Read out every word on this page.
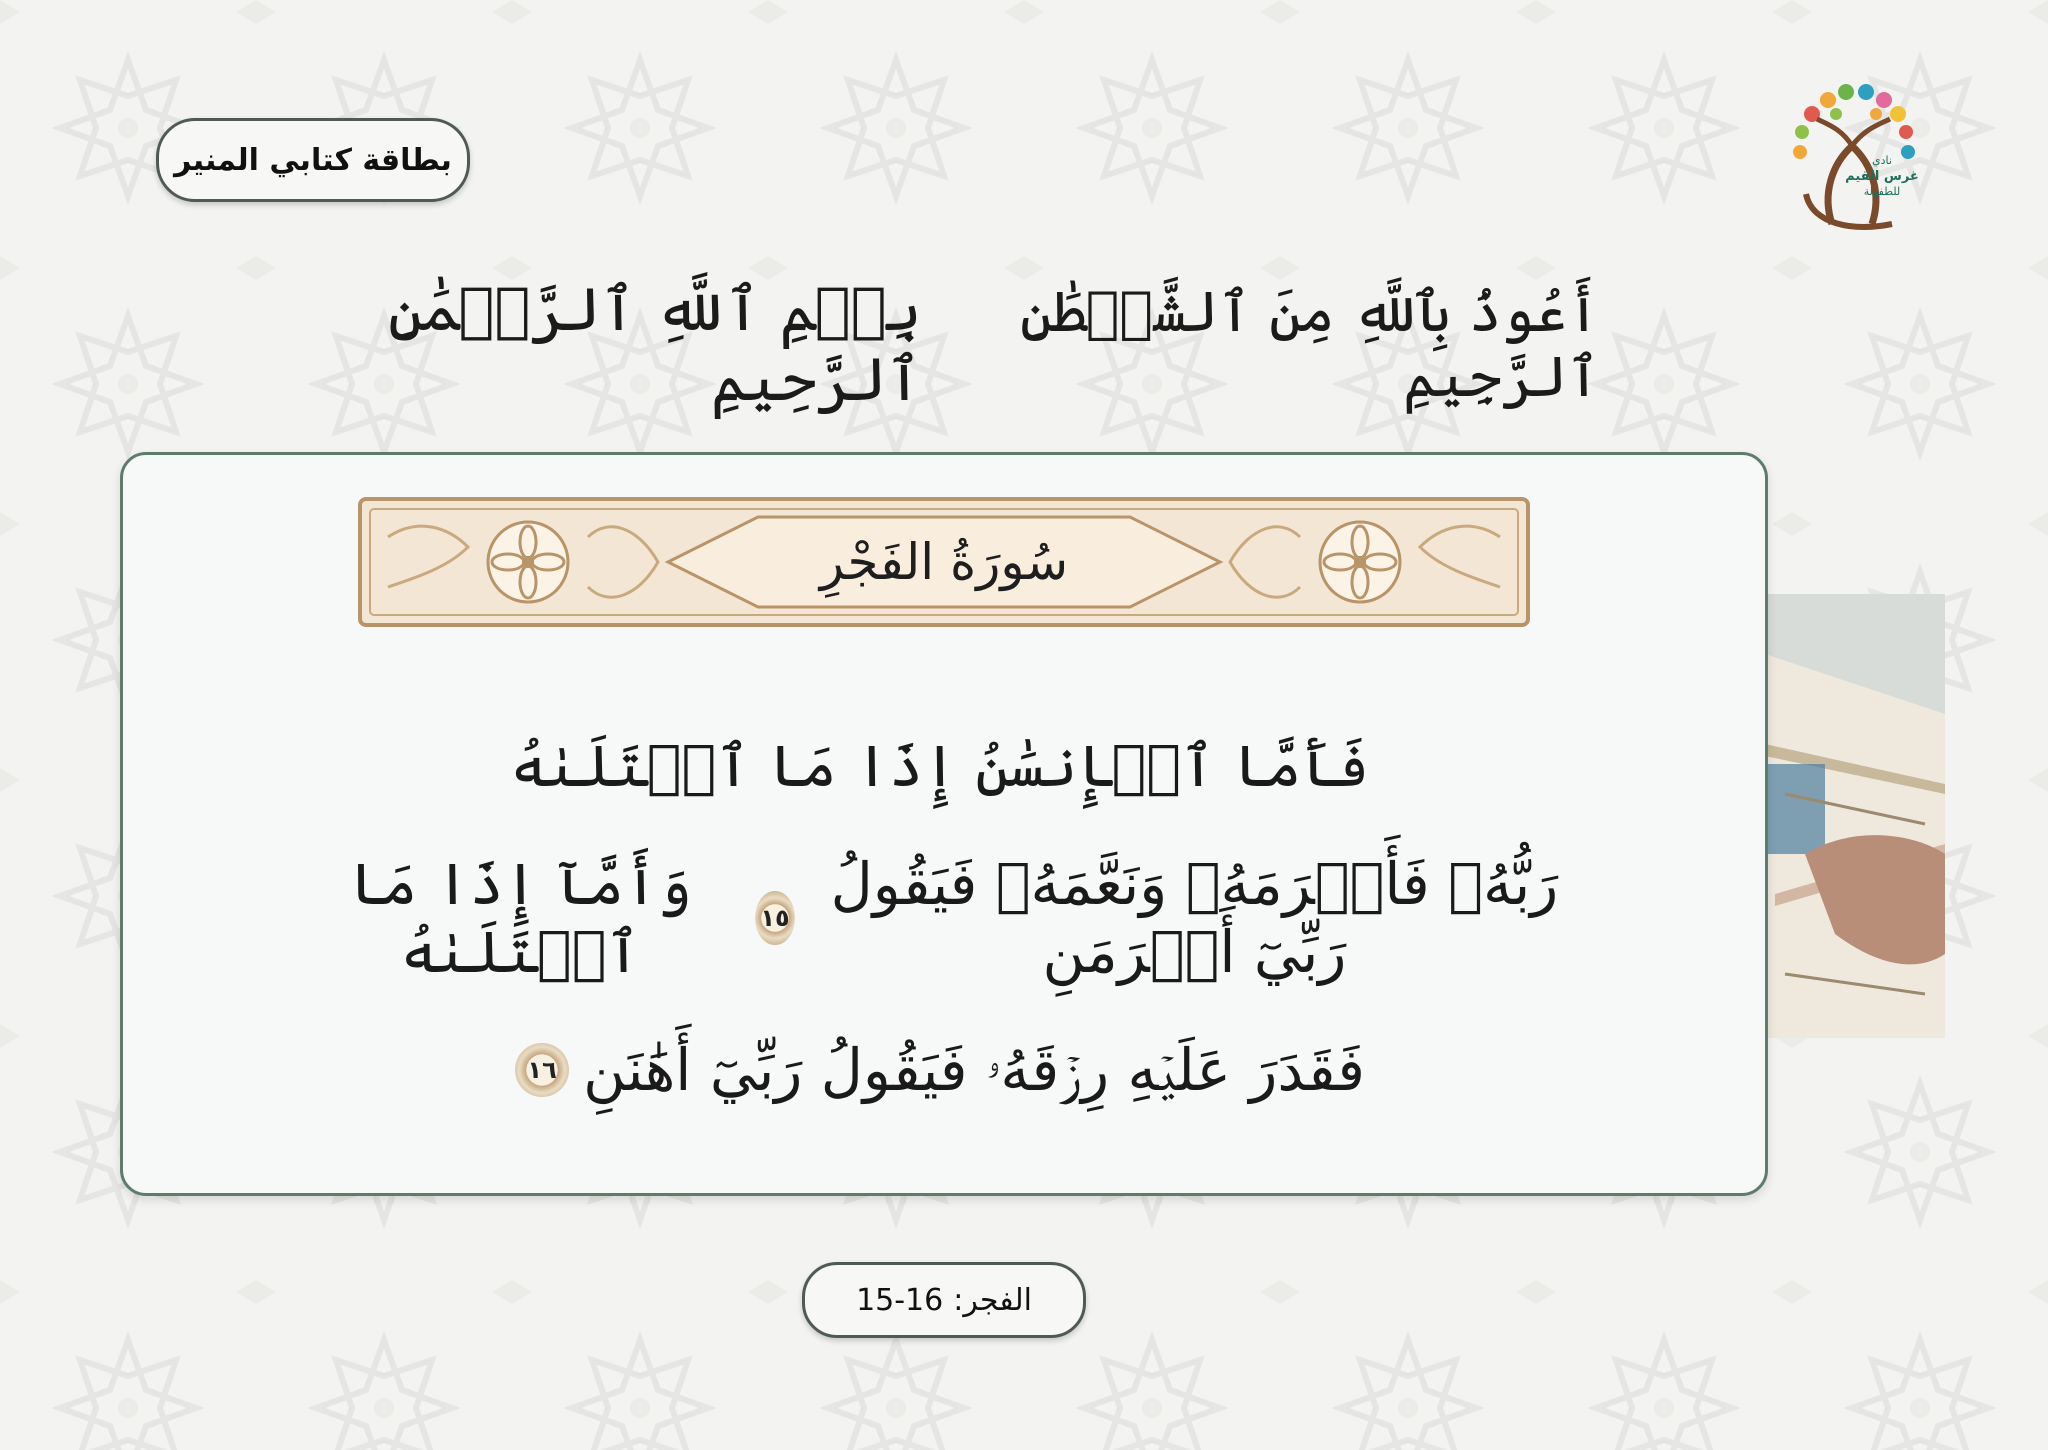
نادي
غرس القيم
للطفولة
بطاقة كتابي المنير
أَعُوذُ بِٱللَّهِ مِنَ ٱلشَّيۡطَٰنِ ٱلرَّجِيمِ
بِسۡمِ ٱللَّهِ ٱلرَّحۡمَٰنِ ٱلرَّحِيمِ
سُورَةُ الفَجْرِ
فَأَمَّا ٱلۡإِنسَٰنُ إِذَا مَا ٱبۡتَلَىٰهُ
رَبُّهُۥ فَأَكۡرَمَهُۥ وَنَعَّمَهُۥ فَيَقُولُ رَبِّيٓ أَكۡرَمَنِ
١٥
وَأَمَّآ إِذَا مَا ٱبۡتَلَىٰهُ
فَقَدَرَ عَلَيۡهِ رِزۡقَهُۥ فَيَقُولُ رَبِّيٓ أَهَٰنَنِ
١٦
الفجر:
15-16
